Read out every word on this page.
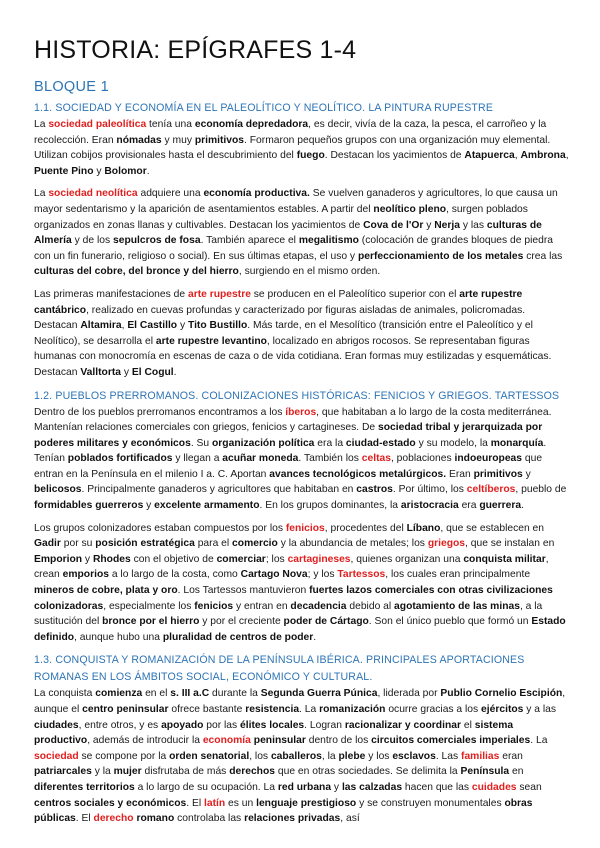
HISTORIA: EPÍGRAFES 1-4
BLOQUE 1
1.1. SOCIEDAD Y ECONOMÍA EN EL PALEOLÍTICO Y NEOLÍTICO. LA PINTURA RUPESTRE

La sociedad paleolítica tenía una economía depredadora, es decir, vivía de la caza, la pesca, el carroñeo y la recolección. Eran nómadas y muy primitivos. Formaron pequeños grupos con una organización muy elemental. Utilizan cobijos provisionales hasta el descubrimiento del fuego. Destacan los yacimientos de Atapuerca, Ambrona, Puente Pino y Bolomor.

La sociedad neolítica adquiere una economía productiva. Se vuelven ganaderos y agricultores, lo que causa un mayor sedentarismo y la aparición de asentamientos estables. A partir del neolítico pleno, surgen poblados organizados en zonas llanas y cultivables. Destacan los yacimientos de Cova de l'Or y Nerja y las culturas de Almería y de los sepulcros de fosa. También aparece el megalitismo (colocación de grandes bloques de piedra con un fin funerario, religioso o social). En sus últimas etapas, el uso y perfeccionamiento de los metales crea las culturas del cobre, del bronce y del hierro, surgiendo en el mismo orden.

Las primeras manifestaciones de arte rupestre se producen en el Paleolítico superior con el arte rupestre cantábrico, realizado en cuevas profundas y caracterizado por figuras aisladas de animales, policromadas. Destacan Altamira, El Castillo y Tito Bustillo. Más tarde, en el Mesolítico (transición entre el Paleolítico y el Neolítico), se desarrolla el arte rupestre levantino, localizado en abrigos rocosos. Se representaban figuras humanas con monocromía en escenas de caza o de vida cotidiana. Eran formas muy estilizadas y esquemáticas. Destacan Valltorta y El Cogul.

1.2. PUEBLOS PRERROMANOS. COLONIZACIONES HISTÓRICAS: FENICIOS Y GRIEGOS. TARTESSOS

Dentro de los pueblos prerromanos encontramos a los íberos, que habitaban a lo largo de la costa mediterránea. Mantenían relaciones comerciales con griegos, fenicios y cartagineses. De sociedad tribal y jerarquizada por poderes militares y económicos. Su organización política era la ciudad-estado y su modelo, la monarquía. Tenían poblados fortificados y llegan a acuñar moneda. También los celtas, poblaciones indoeuropeas que entran en la Península en el milenio I a. C. Aportan avances tecnológicos metalúrgicos. Eran primitivos y belicosos. Principalmente ganaderos y agricultores que habitaban en castros. Por último, los celtíberos, pueblo de formidables guerreros y excelente armamento. En los grupos dominantes, la aristocracia era guerrera.

Los grupos colonizadores estaban compuestos por los fenicios, procedentes del Líbano, que se establecen en Gadir por su posición estratégica para el comercio y la abundancia de metales; los griegos, que se instalan en Emporion y Rhodes con el objetivo de comerciar; los cartagineses, quienes organizan una conquista militar, crean emporios a lo largo de la costa, como Cartago Nova; y los Tartessos, los cuales eran principalmente mineros de cobre, plata y oro. Los Tartessos mantuvieron fuertes lazos comerciales con otras civilizaciones colonizadoras, especialmente los fenicios y entran en decadencia debido al agotamiento de las minas, a la sustitución del bronce por el hierro y por el creciente poder de Cártago. Son el único pueblo que formó un Estado definido, aunque hubo una pluralidad de centros de poder.

1.3. CONQUISTA Y ROMANIZACIÓN DE LA PENÍNSULA IBÉRICA. PRINCIPALES APORTACIONES ROMANAS EN LOS ÁMBITOS SOCIAL, ECONÓMICO Y CULTURAL.

La conquista comienza en el s. III a.C durante la Segunda Guerra Púnica, liderada por Publio Cornelio Escipión, aunque el centro peninsular ofrece bastante resistencia. La romanización ocurre gracias a los ejércitos y a las ciudades, entre otros, y es apoyado por las élites locales. Logran racionalizar y coordinar el sistema productivo, además de introducir la economía peninsular dentro de los circuitos comerciales imperiales. La sociedad se compone por la orden senatorial, los caballeros, la plebe y los esclavos. Las familias eran patriarcales y la mujer disfrutaba de más derechos que en otras sociedades. Se delimita la Península en diferentes territorios a lo largo de su ocupación. La red urbana y las calzadas hacen que las cuidades sean centros sociales y económicos. El latín es un lenguaje prestigioso y se construyen monumentales obras públicas. El derecho romano controlaba las relaciones privadas, así
